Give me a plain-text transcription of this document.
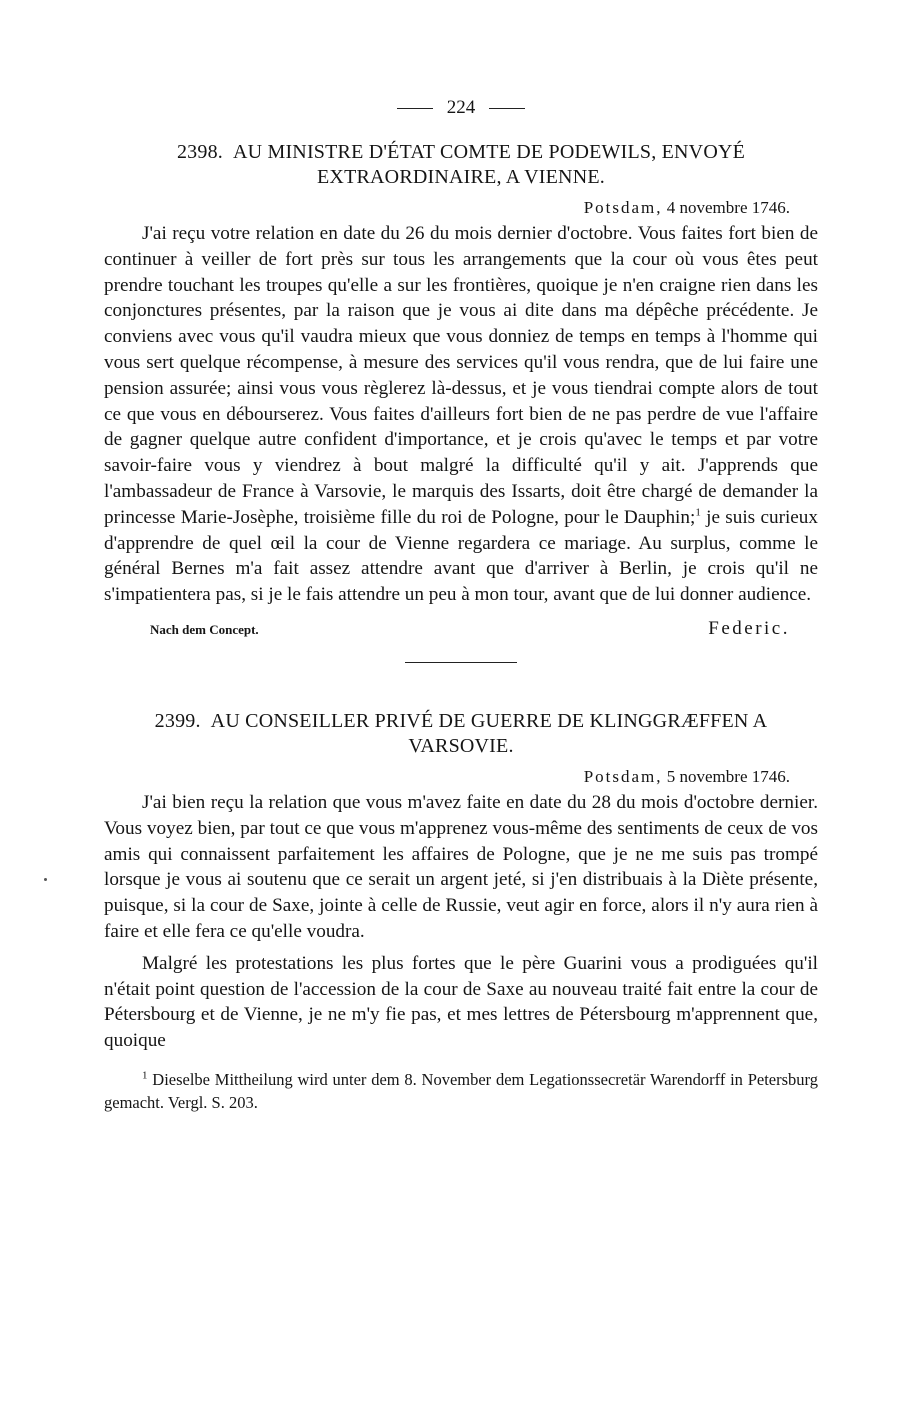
224
2398. AU MINISTRE D'ÉTAT COMTE DE PODEWILS, ENVOYÉ EXTRAORDINAIRE, A VIENNE.
Potsdam, 4 novembre 1746.

J'ai reçu votre relation en date du 26 du mois dernier d'octobre. Vous faites fort bien de continuer à veiller de fort près sur tous les arrangements que la cour où vous êtes peut prendre touchant les troupes qu'elle a sur les frontières, quoique je n'en craigne rien dans les conjonctures présentes, par la raison que je vous ai dite dans ma dépêche précédente. Je conviens avec vous qu'il vaudra mieux que vous donniez de temps en temps à l'homme qui vous sert quelque récompense, à mesure des services qu'il vous rendra, que de lui faire une pension assurée; ainsi vous vous règlerez là-dessus, et je vous tiendrai compte alors de tout ce que vous en débourserez. Vous faites d'ailleurs fort bien de ne pas perdre de vue l'affaire de gagner quelque autre confident d'importance, et je crois qu'avec le temps et par votre savoir-faire vous y viendrez à bout malgré la difficulté qu'il y ait. J'apprends que l'ambassadeur de France à Varsovie, le marquis des Issarts, doit être chargé de demander la princesse Marie-Josèphe, troisième fille du roi de Pologne, pour le Dauphin;$^1$ je suis curieux d'apprendre de quel œil la cour de Vienne regardera ce mariage. Au surplus, comme le général Bernes m'a fait assez attendre avant que d'arriver à Berlin, je crois qu'il ne s'impatientera pas, si je le fais attendre un peu à mon tour, avant que de lui donner audience.

Nach dem Concept.	Federic.
2399. AU CONSEILLER PRIVÉ DE GUERRE DE KLINGGRÆFFEN A VARSOVIE.
Potsdam, 5 novembre 1746.

J'ai bien reçu la relation que vous m'avez faite en date du 28 du mois d'octobre dernier. Vous voyez bien, par tout ce que vous m'apprenez vous-même des sentiments de ceux de vos amis qui connaissent parfaitement les affaires de Pologne, que je ne me suis pas trompé lorsque je vous ai soutenu que ce serait un argent jeté, si j'en distribuais à la Diète présente, puisque, si la cour de Saxe, jointe à celle de Russie, veut agir en force, alors il n'y aura rien à faire et elle fera ce qu'elle voudra.

Malgré les protestations les plus fortes que le père Guarini vous a prodiguées qu'il n'était point question de l'accession de la cour de Saxe au nouveau traité fait entre la cour de Pétersbourg et de Vienne, je ne m'y fie pas, et mes lettres de Pétersbourg m'apprennent que, quoique

$^1$ Dieselbe Mittheilung wird unter dem 8. November dem Legationssecretär Warendorff in Petersburg gemacht. Vergl. S. 203.
